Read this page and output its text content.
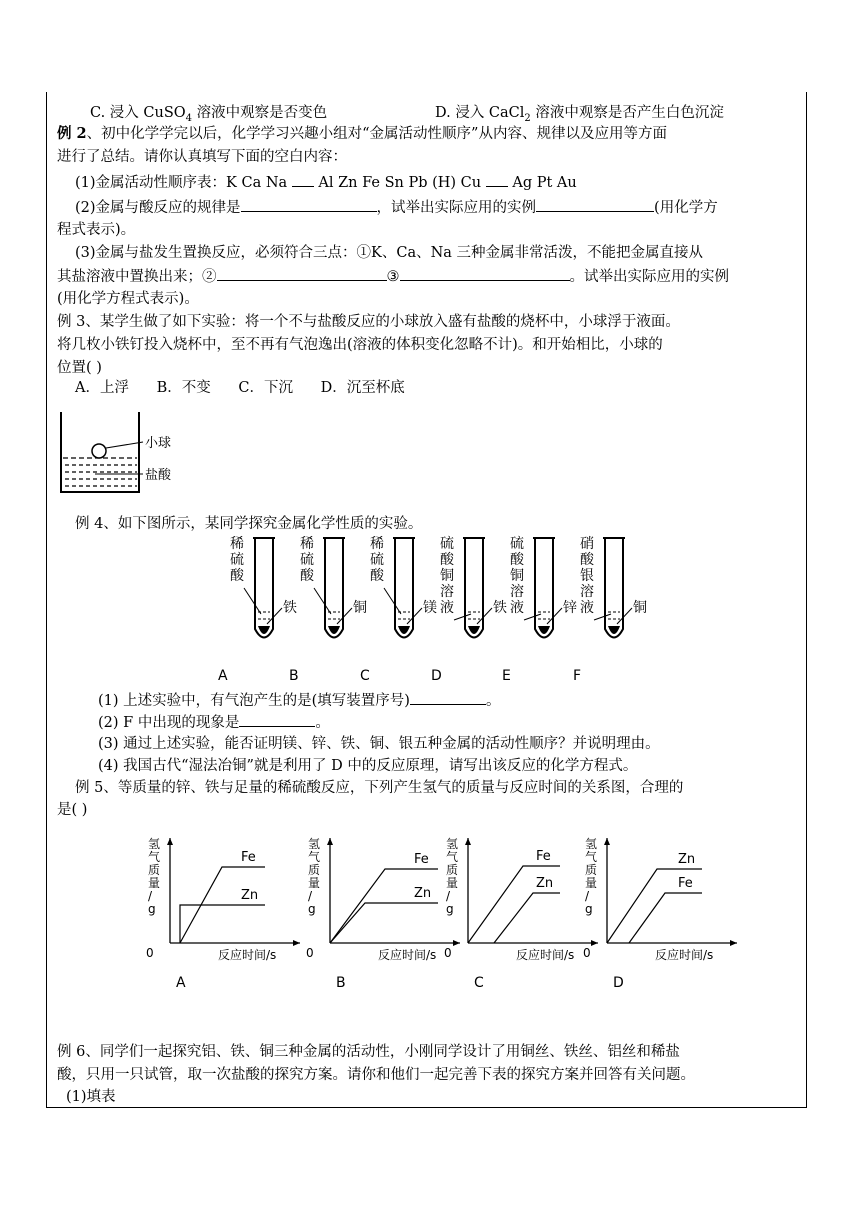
C. 浸入 CuSO$_4$ 溶液中观察是否变色	D. 浸入 CaCl$_2$ 溶液中观察是否产生白色沉淀
例 2、初中化学学完以后，化学学习兴趣小组对“金属活动性顺序”从内容、规律以及应用等方面
进行了总结。请你认真填写下面的空白内容：
(1)金属活动性顺序表：K Ca Na Al Zn Fe Sn Pb (H) Cu Ag Pt Au
(2)金属与酸反应的规律是	，试举出实际应用的实例	(用化学方
程式表示)。
(3)金属与盐发生置换反应，必须符合三点：①K、Ca、Na 三种金属非常活泼，不能把金属直接从
其盐溶液中置换出来；②	③	。试举出实际应用的实例
(用化学方程式表示)。
例 3、某学生做了如下实验：将一个不与盐酸反应的小球放入盛有盐酸的烧杯中，小球浮于液面。
将几枚小铁钉投入烧杯中，至不再有气泡逸出(溶液的体积变化忽略不计)。和开始相比，小球的
位置( )
A．上浮      B．不变      C．下沉      D．沉至杯底
小球
盐酸
例 4、如下图所示，某同学探究金属化学性质的实验。
稀硫酸
铁
A
稀硫酸
铜
B
稀硫酸
镁
C
硫酸铜溶液	铁
D
硫酸铜溶液	锌
E
硝酸银溶液	铜
F
(1) 上述实验中，有气泡产生的是(填写装置序号)	。
(2) F 中出现的现象是	。
(3) 通过上述实验，能否证明镁、锌、铁、铜、银五种金属的活动性顺序？并说明理由。
(4) 我国古代“湿法冶铜”就是利用了 D 中的反应原理，请写出该反应的化学方程式。
例 5、等质量的锌、铁与足量的稀硫酸反应，下列产生氢气的质量与反应时间的关系图，合理的
是( )
氢气质量/ g
反应时间/s
0
Fe
Zn
A
氢气质量/ g
反应时间/s
0
Fe
Zn
B
氢气质量/ g
反应时间/s
0
Fe
Zn
C
氢气质量/ g
反应时间/s
0
Zn
Fe
D
例 6、同学们一起探究铝、铁、铜三种金属的活动性，小刚同学设计了用铜丝、铁丝、铝丝和稀盐
酸，只用一只试管，取一次盐酸的探究方案。请你和他们一起完善下表的探究方案并回答有关问题。
(1)填表
